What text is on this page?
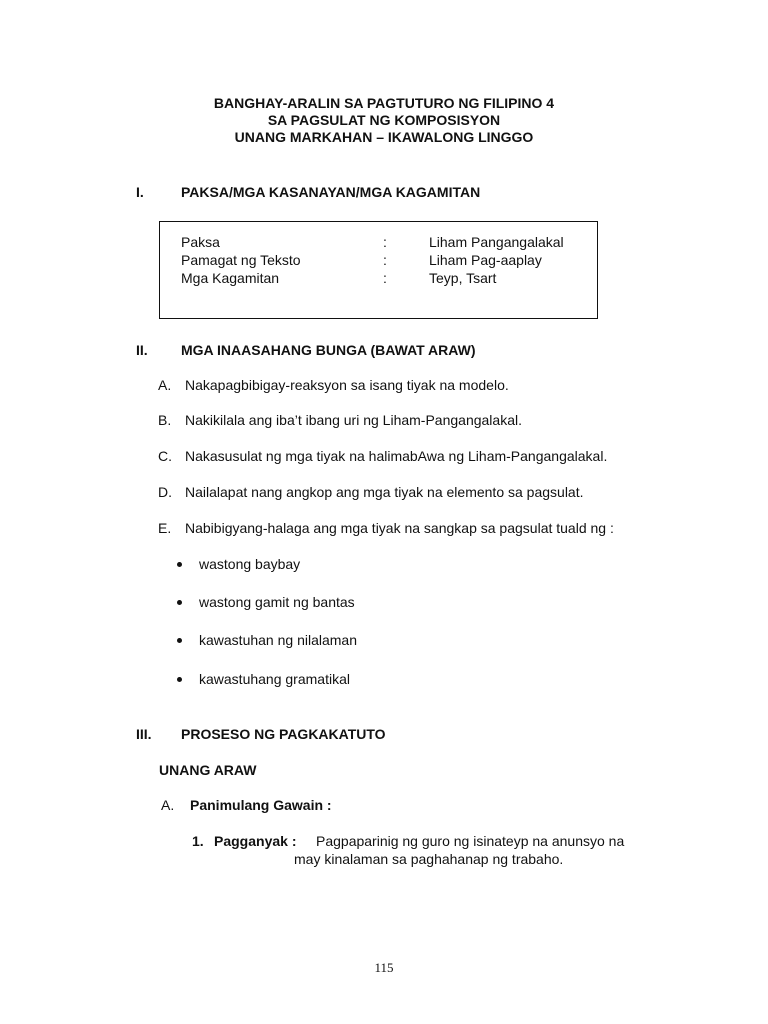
BANGHAY-ARALIN SA PAGTUTURO NG FILIPINO 4
SA PAGSULAT NG KOMPOSISYON
UNANG MARKAHAN – IKAWALONG LINGGO
I.	PAKSA/MGA KASANAYAN/MGA KAGAMITAN
Paksa	:	Liham Pangangalakal
Pamagat ng Teksto	:	Liham Pag-aaplay
Mga Kagamitan	:	Teyp, Tsart
II. MGA INAASAHANG BUNGA (BAWAT ARAW)
A. Nakapagbibigay-reaksyon sa isang tiyak na modelo.
B. Nakikilala ang iba’t ibang uri ng Liham-Pangangalakal.
C. Nakasusulat ng mga tiyak na halimabAwa ng Liham-Pangangalakal.
D. Nailalapat nang angkop ang mga tiyak na elemento sa pagsulat.
E. Nabibigyang-halaga ang mga tiyak na sangkap sa pagsulat tuald ng :
wastong baybay
wastong gamit ng bantas
kawastuhan ng nilalaman
kawastuhang gramatikal
III. PROSESO NG PAGKAKATUTO
UNANG ARAW
A. Panimulang Gawain :
1. Pagganyak : Pagpaparinig ng guro ng isinateyp na anunsyo na
may kinalaman sa paghahanap ng trabaho.
115
